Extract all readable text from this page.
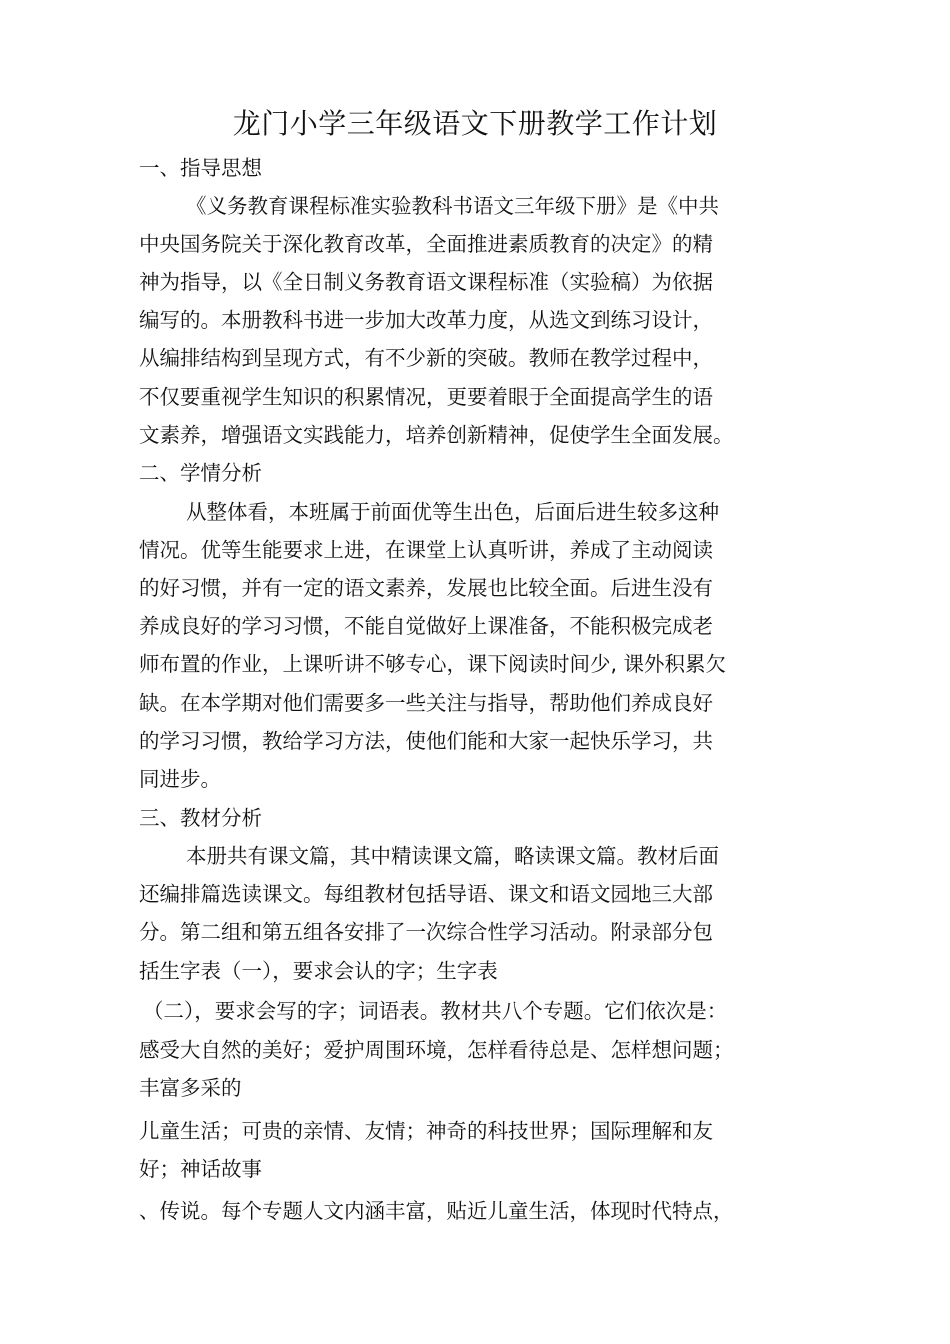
龙门小学三年级语文下册教学工作计划
一、指导思想
《义务教育课程标准实验教科书语文三年级下册》是《中共
中央国务院关于深化教育改革，全面推进素质教育的决定》的精
神为指导，以《全日制义务教育语文课程标准（实验稿）为依据
编写的。本册教科书进一步加大改革力度，从选文到练习设计，
从编排结构到呈现方式，有不少新的突破。教师在教学过程中，
不仅要重视学生知识的积累情况，更要着眼于全面提高学生的语
文素养，增强语文实践能力，培养创新精神，促使学生全面发展。
二、学情分析
从整体看，本班属于前面优等生出色，后面后进生较多这种
情况。优等生能要求上进，在课堂上认真听讲，养成了主动阅读
的好习惯，并有一定的语文素养，发展也比较全面。后进生没有
养成良好的学习习惯，不能自觉做好上课准备，不能积极完成老
师布置的作业，上课听讲不够专心，课下阅读时间少, 课外积累欠
缺。在本学期对他们需要多一些关注与指导，帮助他们养成良好
的学习习惯，教给学习方法，使他们能和大家一起快乐学习，共
同进步。
三、教材分析
本册共有课文篇，其中精读课文篇，略读课文篇。教材后面
还编排篇选读课文。每组教材包括导语、课文和语文园地三大部
分。第二组和第五组各安排了一次综合性学习活动。附录部分包
括生字表（一），要求会认的字；生字表
（二），要求会写的字；词语表。教材共八个专题。它们依次是：
感受大自然的美好；爱护周围环境，怎样看待总是、怎样想问题；
丰富多采的
儿童生活；可贵的亲情、友情；神奇的科技世界；国际理解和友
好；神话故事
、传说。每个专题人文内涵丰富，贴近儿童生活，体现时代特点，
